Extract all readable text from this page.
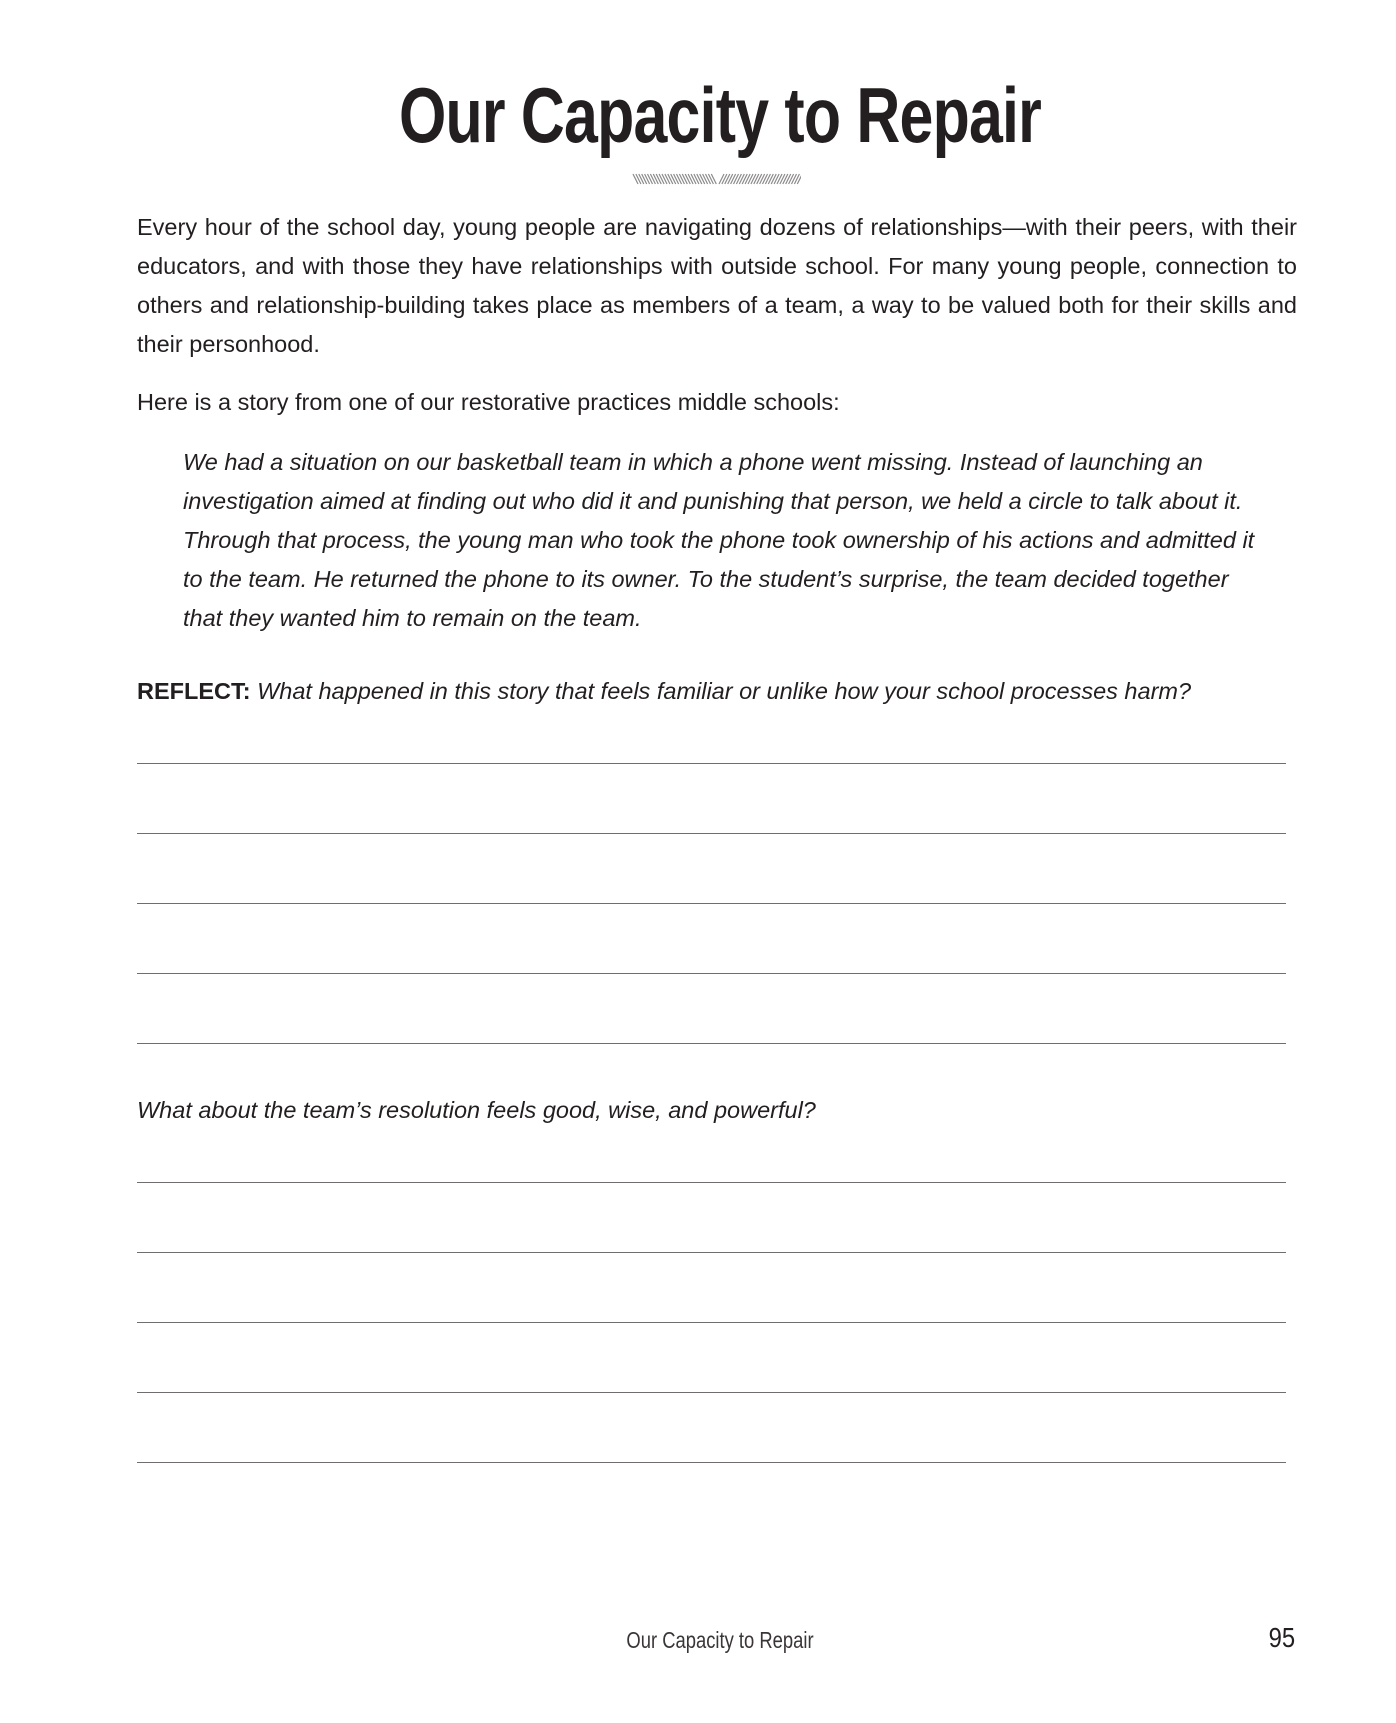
Our Capacity to Repair

Every hour of the school day, young people are navigating dozens of relationships—with their peers, with their educators, and with those they have relationships with outside school. For many young people, connection to others and relationship-building takes place as members of a team, a way to be valued both for their skills and their personhood.

Here is a story from one of our restorative practices middle schools:

We had a situation on our basketball team in which a phone went missing. Instead of launching an investigation aimed at finding out who did it and punishing that person, we held a circle to talk about it. Through that process, the young man who took the phone took ownership of his actions and admitted it to the team. He returned the phone to its owner. To the student’s surprise, the team decided together that they wanted him to remain on the team.

REFLECT: What happened in this story that feels familiar or unlike how your school processes harm?

What about the team’s resolution feels good, wise, and powerful?

Our Capacity to Repair	95
